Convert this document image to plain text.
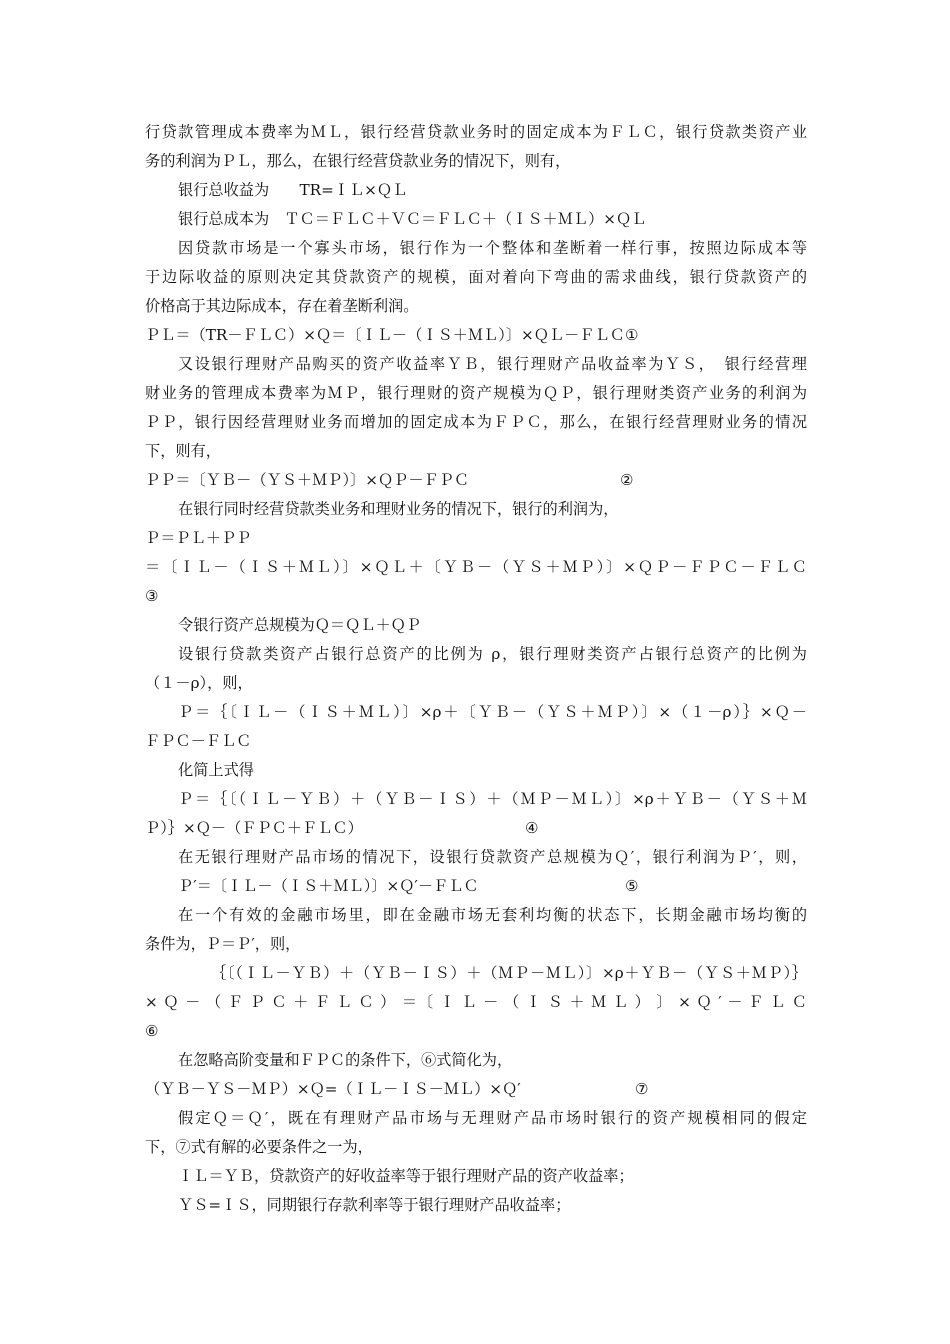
行贷款管理成本费率为ＭＬ，银行经营贷款业务时的固定成本为ＦＬＣ，银行贷款类资产业
务的利润为ＰＬ，那么，在银行经营贷款业务的情况下，则有，
银行总收益为　　TR=ＩＬ×ＱＬ
银行总成本为　ＴＣ＝ＦＬＣ＋ＶＣ＝ＦＬＣ＋（ＩＳ＋ＭＬ）×ＱＬ
因贷款市场是一个寡头市场，银行作为一个整体和垄断着一样行事，按照边际成本等
于边际收益的原则决定其贷款资产的规模，面对着向下弯曲的需求曲线，银行贷款资产的
价格高于其边际成本，存在着垄断利润。
ＰＬ＝（TR－ＦＬＣ）×Ｑ＝〔ＩＬ－（ＩＳ＋ＭＬ）〕×ＱＬ－ＦＬＣ ①
又设银行理财产品购买的资产收益率ＹＢ，银行理财产品收益率为ＹＳ，　银行经营理
财业务的管理成本费率为ＭＰ，银行理财的资产规模为ＱＰ，银行理财类资产业务的利润为
ＰＰ，银行因经营理财业务而增加的固定成本为ＦＰＣ，那么，在银行经营理财业务的情况
下，则有，
ＰＰ＝〔ＹＢ－（ＹＳ＋ＭＰ）〕×ＱＰ－ＦＰＣ	②
在银行同时经营贷款类业务和理财业务的情况下，银行的利润为，
Ｐ＝ＰＬ＋ＰＰ
＝〔ＩＬ－（ＩＳ＋ＭＬ）〕×ＱＬ＋〔ＹＢ－（ＹＳ＋ＭＰ）〕×ＱＰ－ＦＰＣ－ＦＬＣ
③
令银行资产总规模为Ｑ＝ＱＬ＋ＱＰ
设银行贷款类资产占银行总资产的比例为 ρ，银行理财类资产占银行总资产的比例为
（１－ρ），则，
Ｐ＝｛〔ＩＬ－（ＩＳ＋ＭＬ）〕×ρ＋〔ＹＢ－（ＹＳ＋ＭＰ）〕×（１－ρ）｝×Ｑ－
ＦＰＣ－ＦＬＣ
化简上式得
Ｐ＝｛〔（ＩＬ－ＹＢ）＋（ＹＢ－ＩＳ）＋（ＭＰ－ＭＬ）〕×ρ＋ＹＢ－（ＹＳ＋Ｍ
Ｐ）｝×Ｑ－（ＦＰＣ＋ＦＬＣ）	④
在无银行理财产品市场的情况下，设银行贷款资产总规模为Ｑ′，银行利润为Ｐ′，则，
Ｐ′＝〔ＩＬ－（ＩＳ＋ＭＬ）〕×Ｑ′－ＦＬＣ	⑤
在一个有效的金融市场里，即在金融市场无套利均衡的状态下，长期金融市场均衡的
条件为，Ｐ＝Ｐ′，则，
｛〔（ＩＬ－ＹＢ）＋（ＹＢ－ＩＳ）＋（ＭＰ－ＭＬ）〕×ρ＋ＹＢ－（ＹＳ＋ＭＰ）｝
× Ｑ － （ Ｆ Ｐ Ｃ ＋ Ｆ Ｌ Ｃ ） ＝〔 Ｉ Ｌ － （ Ｉ Ｓ ＋ Ｍ Ｌ ） 〕 × Ｑ ′ － Ｆ Ｌ Ｃ
⑥
在忽略高阶变量和ＦＰＣ的条件下，⑥式简化为，
（ＹＢ－ＹＳ－ＭＰ）×Ｑ=（ＩＬ－ＩＳ－ＭＬ）×Ｑ′	⑦
假定Ｑ＝Ｑ′，既在有理财产品市场与无理财产品市场时银行的资产规模相同的假定
下，⑦式有解的必要条件之一为，
ＩＬ＝ＹＢ，贷款资产的好收益率等于银行理财产品的资产收益率；
ＹＳ=ＩＳ，同期银行存款利率等于银行理财产品收益率；
